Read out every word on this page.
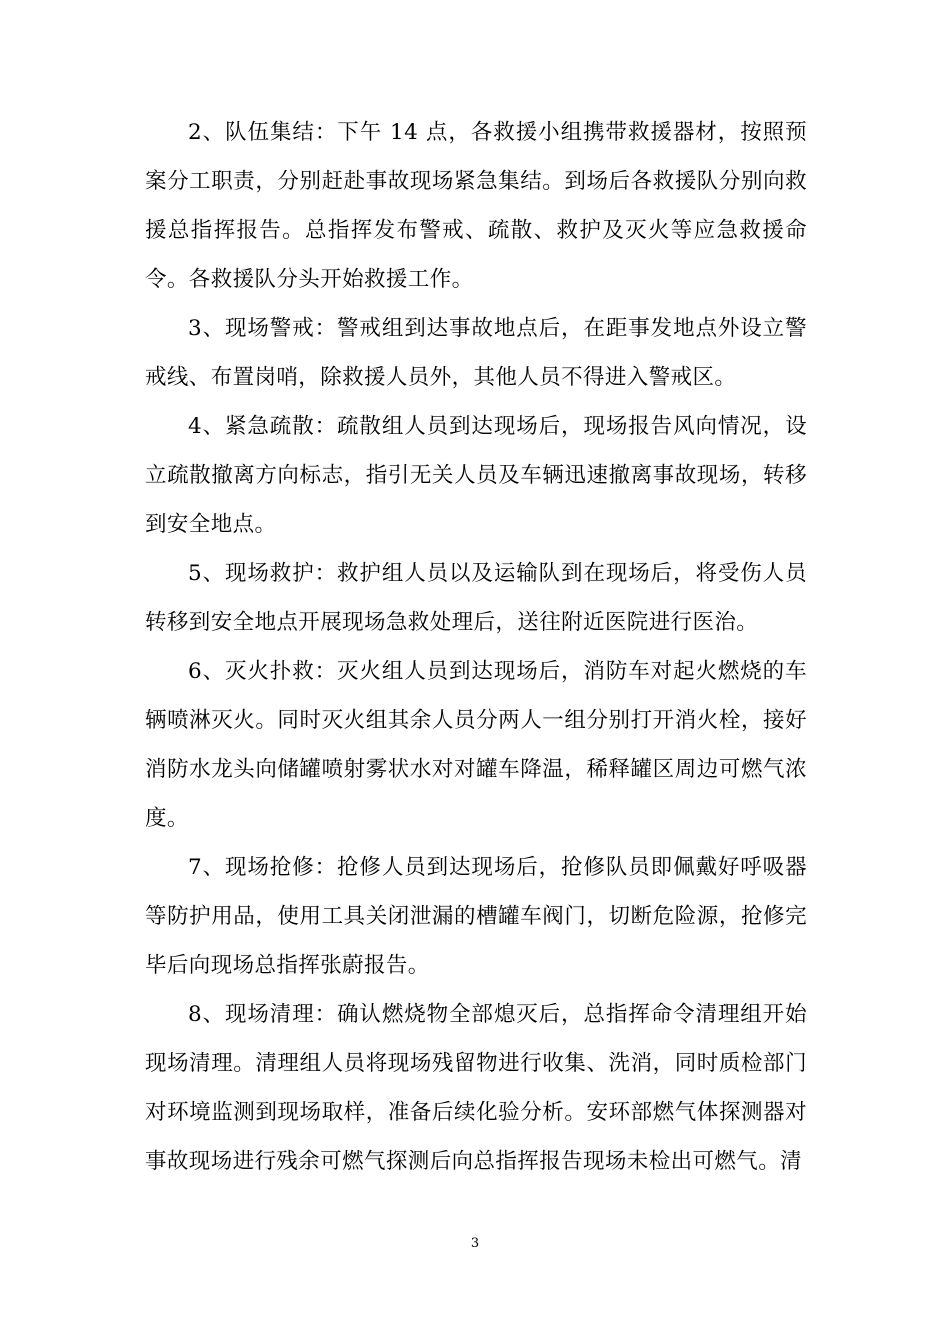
2、队伍集结：下午 14 点，各救援小组携带救援器材，按照预案分工职责，分别赶赴事故现场紧急集结。到场后各救援队分别向救援总指挥报告。总指挥发布警戒、疏散、救护及灭火等应急救援命令。各救援队分头开始救援工作。

3、现场警戒：警戒组到达事故地点后，在距事发地点外设立警戒线、布置岗哨，除救援人员外，其他人员不得进入警戒区。

4、紧急疏散：疏散组人员到达现场后，现场报告风向情况，设立疏散撤离方向标志，指引无关人员及车辆迅速撤离事故现场，转移到安全地点。

5、现场救护：救护组人员以及运输队到在现场后，将受伤人员转移到安全地点开展现场急救处理后，送往附近医院进行医治。

6、灭火扑救：灭火组人员到达现场后，消防车对起火燃烧的车辆喷淋灭火。同时灭火组其余人员分两人一组分别打开消火栓，接好消防水龙头向储罐喷射雾状水对对罐车降温，稀释罐区周边可燃气浓度。

7、现场抢修：抢修人员到达现场后，抢修队员即佩戴好呼吸器等防护用品，使用工具关闭泄漏的槽罐车阀门，切断危险源，抢修完毕后向现场总指挥张蔚报告。

8、现场清理：确认燃烧物全部熄灭后，总指挥命令清理组开始现场清理。清理组人员将现场残留物进行收集、洗消，同时质检部门对环境监测到现场取样，准备后续化验分析。安环部燃气体探测器对事故现场进行残余可燃气探测后向总指挥报告现场未检出可燃气。清

3
